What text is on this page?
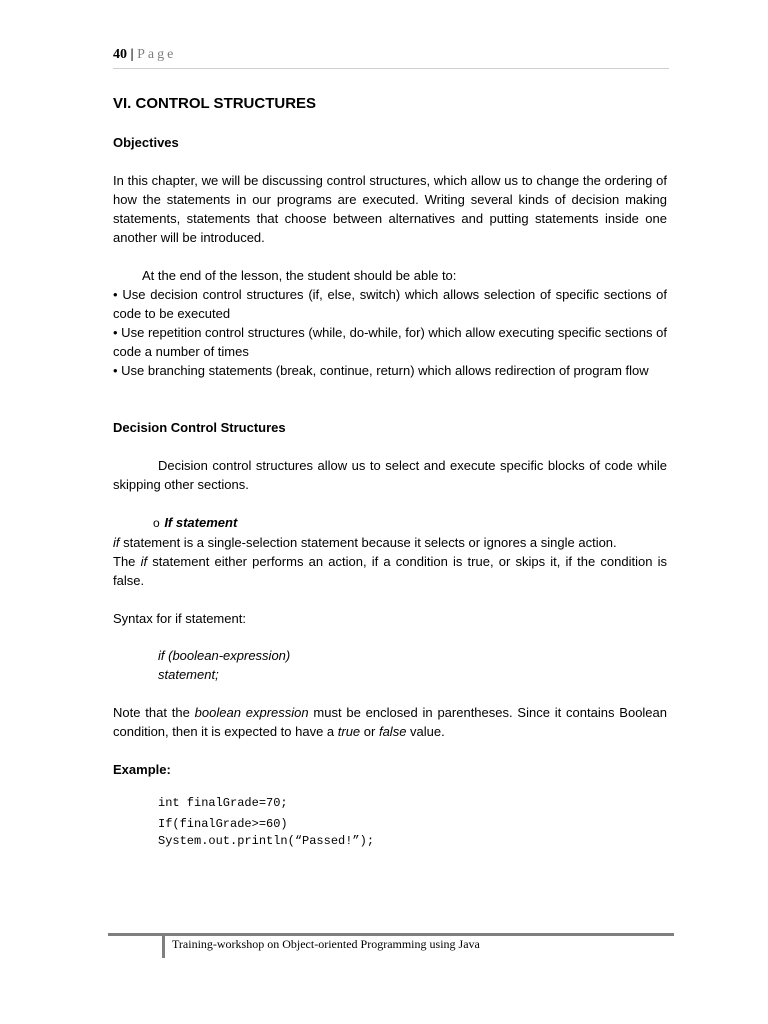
40 | Page
VI. CONTROL STRUCTURES

Objectives

In this chapter, we will be discussing control structures, which allow us to change the ordering of how the statements in our programs are executed. Writing several kinds of decision making statements, statements that choose between alternatives and putting statements inside one another will be introduced.

At the end of the lesson, the student should be able to:

• Use decision control structures (if, else, switch) which allows selection of specific sections of code to be executed

• Use repetition control structures (while, do-while, for) which allow executing specific sections of code a number of times

• Use branching statements (break, continue, return) which allows redirection of program flow

Decision Control Structures

Decision control structures allow us to select and execute specific blocks of code while skipping other sections.

o If statement

if statement is a single-selection statement because it selects or ignores a single action.

The if statement either performs an action, if a condition is true, or skips it, if the condition is false.

Syntax for if statement:

if (boolean-expression)

statement;

Note that the boolean expression must be enclosed in parentheses. Since it contains Boolean condition, then it is expected to have a true or false value.

Example:

int finalGrade=70;
If(finalGrade>=60)
System.out.println(“Passed!”);
Training-workshop on Object-oriented Programming using Java
